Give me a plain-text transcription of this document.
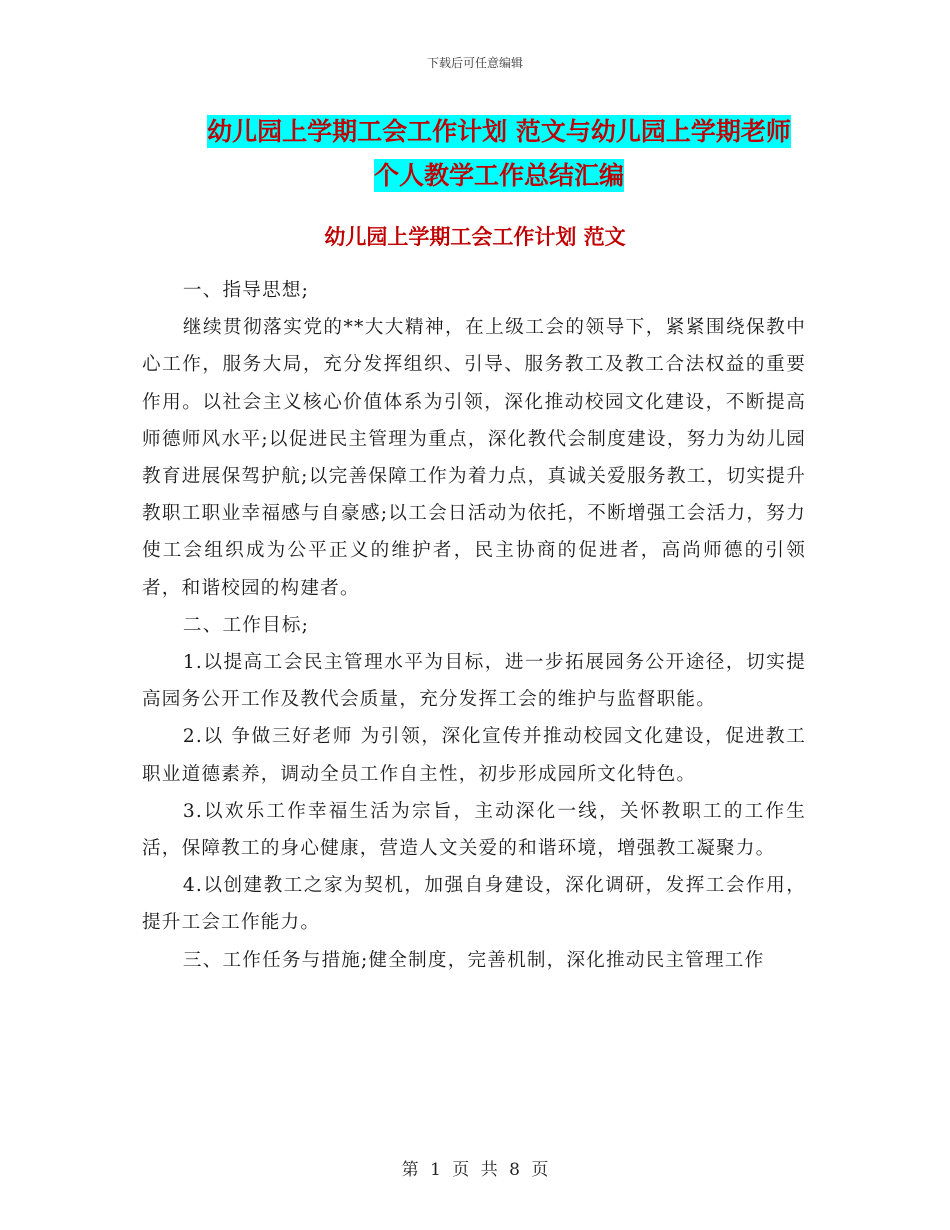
下载后可任意编辑
幼儿园上学期工会工作计划 范文与幼儿园上学期老师
个人教学工作总结汇编
幼儿园上学期工会工作计划 范文

一、指导思想;

继续贯彻落实党的**大大精神，在上级工会的领导下，紧紧围绕保教中心工作，服务大局，充分发挥组织、引导、服务教工及教工合法权益的重要作用。以社会主义核心价值体系为引领，深化推动校园文化建设，不断提高师德师风水平;以促进民主管理为重点，深化教代会制度建设，努力为幼儿园教育进展保驾护航;以完善保障工作为着力点，真诚关爱服务教工，切实提升教职工职业幸福感与自豪感;以工会日活动为依托，不断增强工会活力，努力使工会组织成为公平正义的维护者，民主协商的促进者，高尚师德的引领者，和谐校园的构建者。

二、工作目标;

1.以提高工会民主管理水平为目标，进一步拓展园务公开途径，切实提高园务公开工作及教代会质量，充分发挥工会的维护与监督职能。

2.以 争做三好老师 为引领，深化宣传并推动校园文化建设，促进教工职业道德素养，调动全员工作自主性，初步形成园所文化特色。

3.以欢乐工作幸福生活为宗旨，主动深化一线，关怀教职工的工作生活，保障教工的身心健康，营造人文关爱的和谐环境，增强教工凝聚力。

4.以创建教工之家为契机，加强自身建设，深化调研，发挥工会作用，提升工会工作能力。

三、工作任务与措施;健全制度，完善机制，深化推动民主管理工作

第 1 页 共 8 页
